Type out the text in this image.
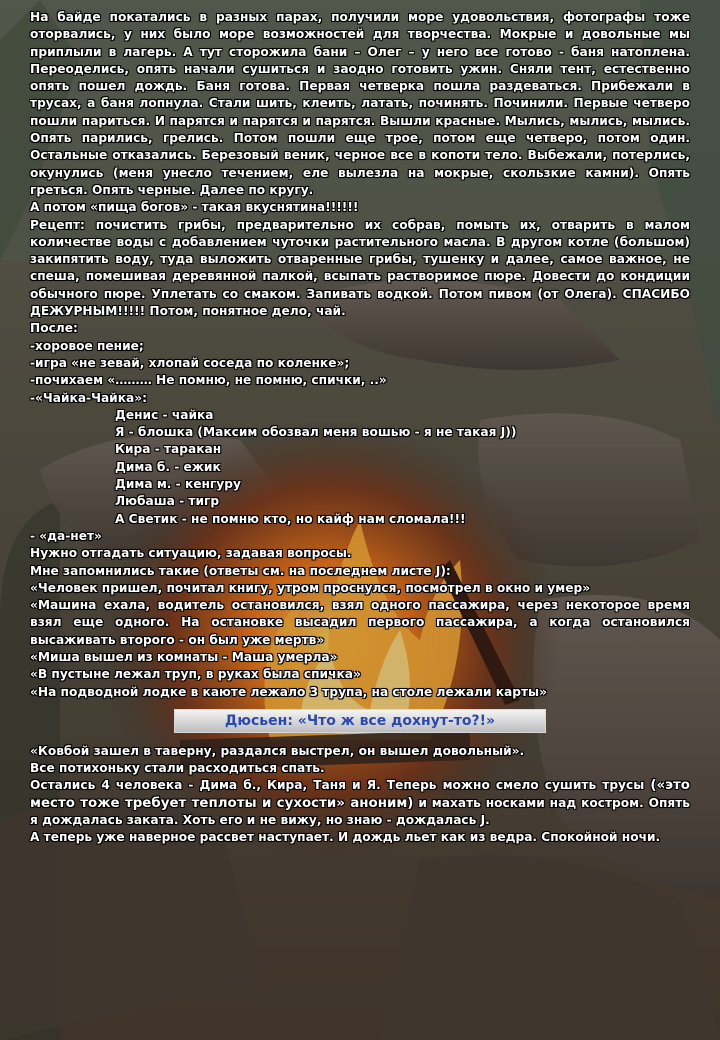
На байде покатались в разных парах, получили море удовольствия, фотографы тоже оторвались, у них было море возможностей для творчества. Мокрые и довольные мы приплыли в лагерь. А тут сторожила бани – Олег – у него все готово - баня натоплена. Переоделись, опять начали сушиться и заодно готовить ужин. Сняли тент, естественно опять пошел дождь. Баня готова. Первая четверка пошла раздеваться. Прибежали в трусах, а баня лопнула. Стали шить, клеить, латать, починять. Починили. Первые четверо пошли париться. И парятся и парятся и парятся. Вышли красные. Мылись, мылись, мылись. Опять парились, грелись. Потом пошли еще трое, потом еще четверо, потом один. Остальные отказались. Березовый веник, черное все в копоти тело. Выбежали, потерлись, окунулись (меня унесло течением, еле вылезла на мокрые, скользкие камни). Опять греться. Опять черные. Далее по кругу.

А потом «пища богов» - такая вкуснятина!!!!!!

Рецепт: почистить грибы, предварительно их собрав, помыть их, отварить в малом количестве воды с добавлением чуточки растительного масла. В другом котле (большом) закипятить воду, туда выложить отваренные грибы, тушенку и далее, самое важное, не спеша, помешивая деревянной палкой, всыпать растворимое пюре. Довести до кондиции обычного пюре. Уплетать со смаком. Запивать водкой. Потом пивом (от Олега). СПАСИБО ДЕЖУРНЫМ!!!!! Потом, понятное дело, чай.

После:
-хоровое пение;
-игра «не зевай, хлопай соседа по коленке»;
-почихаем «……… Не помню, не помню, спички, ..»
-«Чайка-Чайка»:
Денис - чайка
Я - блошка (Максим обозвал меня вошью - я не такая J))
Кира - таракан
Дима б. - ежик
Дима м. - кенгуру
Любаша - тигр
А Светик - не помню кто, но кайф нам сломала!!!
- «да-нет»
Нужно отгадать ситуацию, задавая вопросы.
Мне запомнились такие (ответы см. на последнем листе J):

«Человек пришел, почитал книгу, утром проснулся, посмотрел в окно и умер»

«Машина ехала, водитель остановился, взял одного пассажира, через некоторое время взял еще одного. На остановке высадил первого пассажира, а когда остановился высаживать второго - он был уже мертв»

«Миша вышел из комнаты - Маша умерла»

«В пустыне лежал труп, в руках была спичка»

«На подводной лодке в каюте лежало 3 трупа, на столе лежали карты»

Дюсьен: «Что ж все дохнут-то?!»

«Ковбой зашел в таверну, раздался выстрел, он вышел довольный».

Все потихоньку стали расходиться спать.

Остались 4 человека - Дима б., Кира, Таня и Я. Теперь можно смело сушить трусы («это место тоже требует теплоты и сухости» аноним) и махать носками над костром. Опять я дождалась заката. Хоть его и не вижу, но знаю - дождалась J.

А теперь уже наверное рассвет наступает. И дождь льет как из ведра. Спокойной ночи.
